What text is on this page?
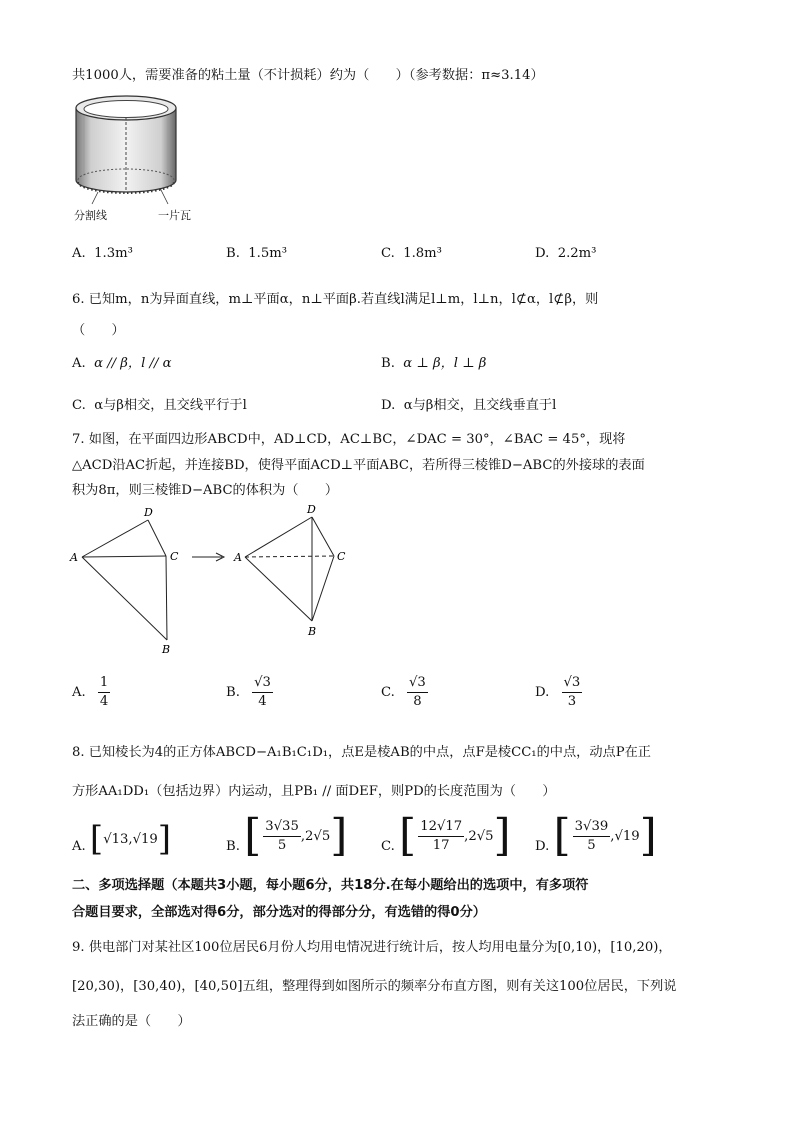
共1000人，需要准备的粘土量（不计损耗）约为（　　）（参考数据：π≈3.14）
分割线	一片瓦
A. 1.3m³	B. 1.5m³	C. 1.8m³	D. 2.2m³
6. 已知m，n为异面直线，m⊥平面α，n⊥平面β.若直线l满足l⊥m，l⊥n，l⊄α，l⊄β，则
（　　）
A. α // β，l // α	B. α ⊥ β，l ⊥ β
C. α与β相交，且交线平行于l	D. α与β相交，且交线垂直于l
7. 如图，在平面四边形ABCD中，AD⊥CD，AC⊥BC，∠DAC = 30°，∠BAC = 45°，现将
△ACD沿AC折起，并连接BD，使得平面ACD⊥平面ABC，若所得三棱锥D−ABC的外接球的表面
积为8π，则三棱锥D−ABC的体积为（　　）
A
D
C
B
A
D
C
B
A. $\frac{1}{4}$	B. $\frac{√3}{4}$	C. $\frac{√3}{8}$	D. $\frac{√3}{3}$
8. 已知棱长为4的正方体ABCD−A₁B₁C₁D₁，点E是棱AB的中点，点F是棱CC₁的中点，动点P在正
方形AA₁DD₁（包括边界）内运动，且PB₁ // 面DEF，则PD的长度范围为（　　）
A. [ √13,√19 ]	B. [ $\frac{3√35}{5} ,2√5$ ]	C. [ $\frac{12√17}{17} ,2√5$ ] D. [ $\frac{3√39}{5} ,√19$ ]
二、多项选择题（本题共3小题，每小题6分，共18分.在每小题给出的选项中，有多项符
合题目要求，全部选对得6分，部分选对的得部分分，有选错的得0分）
9. 供电部门对某社区100位居民6月份人均用电情况进行统计后，按人均用电量分为[0,10)，[10,20)，
[20,30)，[30,40)，[40,50]五组，整理得到如图所示的频率分布直方图，则有关这100位居民，下列说
法正确的是（　　）
